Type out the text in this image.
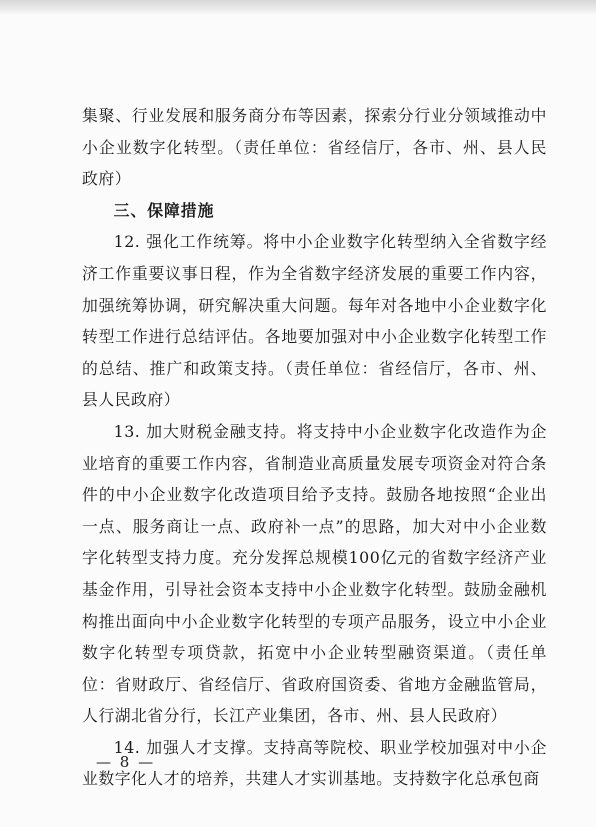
集聚、行业发展和服务商分布等因素，探索分行业分领域推动中小企业数字化转型。（责任单位：省经信厅，各市、州、县人民政府）

三、保障措施

12. 强化工作统筹。将中小企业数字化转型纳入全省数字经济工作重要议事日程，作为全省数字经济发展的重要工作内容，加强统筹协调，研究解决重大问题。每年对各地中小企业数字化转型工作进行总结评估。各地要加强对中小企业数字化转型工作的总结、推广和政策支持。（责任单位：省经信厅，各市、州、县人民政府）

13. 加大财税金融支持。将支持中小企业数字化改造作为企业培育的重要工作内容，省制造业高质量发展专项资金对符合条件的中小企业数字化改造项目给予支持。鼓励各地按照“企业出一点、服务商让一点、政府补一点”的思路，加大对中小企业数字化转型支持力度。充分发挥总规模100亿元的省数字经济产业基金作用，引导社会资本支持中小企业数字化转型。鼓励金融机构推出面向中小企业数字化转型的专项产品服务，设立中小企业数字化转型专项贷款，拓宽中小企业转型融资渠道。（责任单位：省财政厅、省经信厅、省政府国资委、省地方金融监管局，人行湖北省分行，长江产业集团，各市、州、县人民政府）

14. 加强人才支撑。支持高等院校、职业学校加强对中小企业数字化人才的培养，共建人才实训基地。支持数字化总承包商

— 8 —
